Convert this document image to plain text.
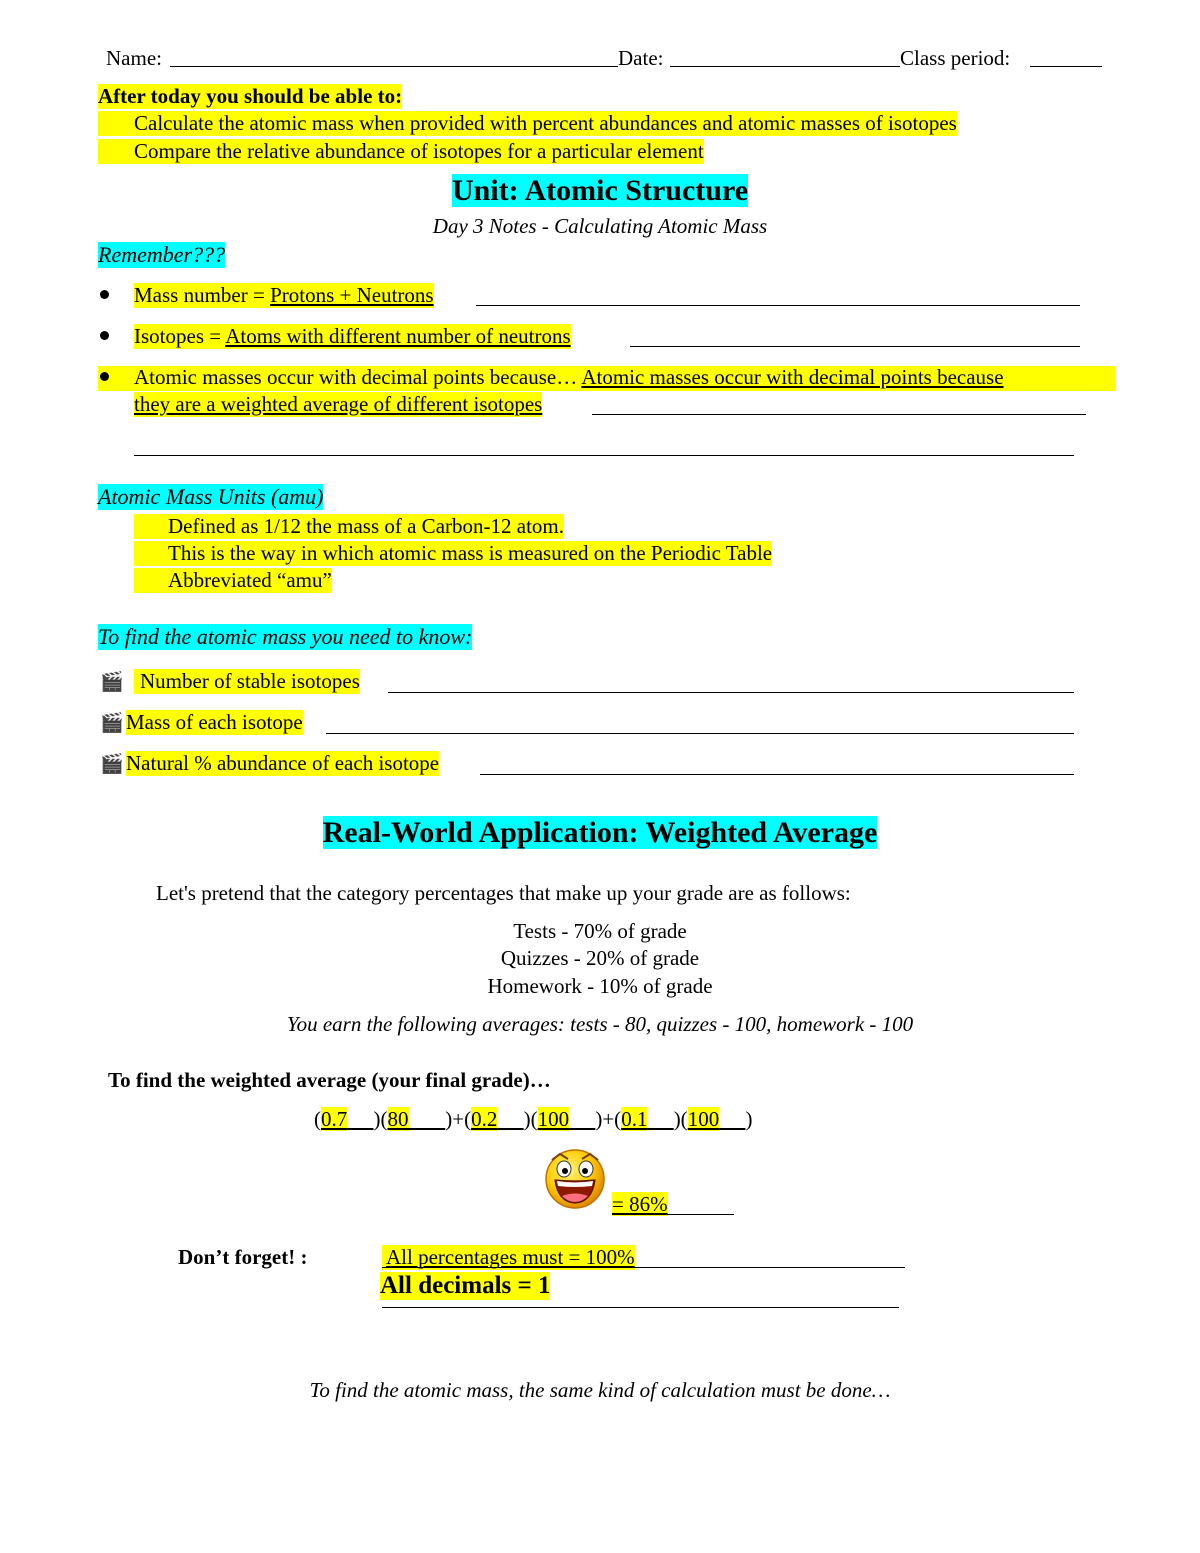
Name:	Date:	Class period:
After today you should be able to:
Calculate the atomic mass when provided with percent abundances and atomic masses of isotopes
Compare the relative abundance of isotopes for a particular element
Unit: Atomic Structure
Day 3 Notes - Calculating Atomic Mass
Remember???
Mass number = Protons + Neutrons
Isotopes = Atoms with different number of neutrons
Atomic masses occur with decimal points because… Atomic masses occur with decimal points because
they are a weighted average of different isotopes
Atomic Mass Units (amu)
Defined as 1/12 the mass of a Carbon-12 atom.
This is the way in which atomic mass is measured on the Periodic Table
Abbreviated “amu”
To find the atomic mass you need to know:
🎬 Number of stable isotopes
🎬 Mass of each isotope
🎬 Natural % abundance of each isotope
Real-World Application: Weighted Average
Let's pretend that the category percentages that make up your grade are as follows:
Tests - 70% of grade
Quizzes - 20% of grade
Homework - 10% of grade
You earn the following averages: tests - 80, quizzes - 100, homework - 100
To find the weighted average (your final grade)…
(0.7 )(80 )+(0.2 )(100 )+(0.1 )(100 )
= 86%
Don’t forget! :	All percentages must = 100%
All decimals = 1
To find the atomic mass, the same kind of calculation must be done…
